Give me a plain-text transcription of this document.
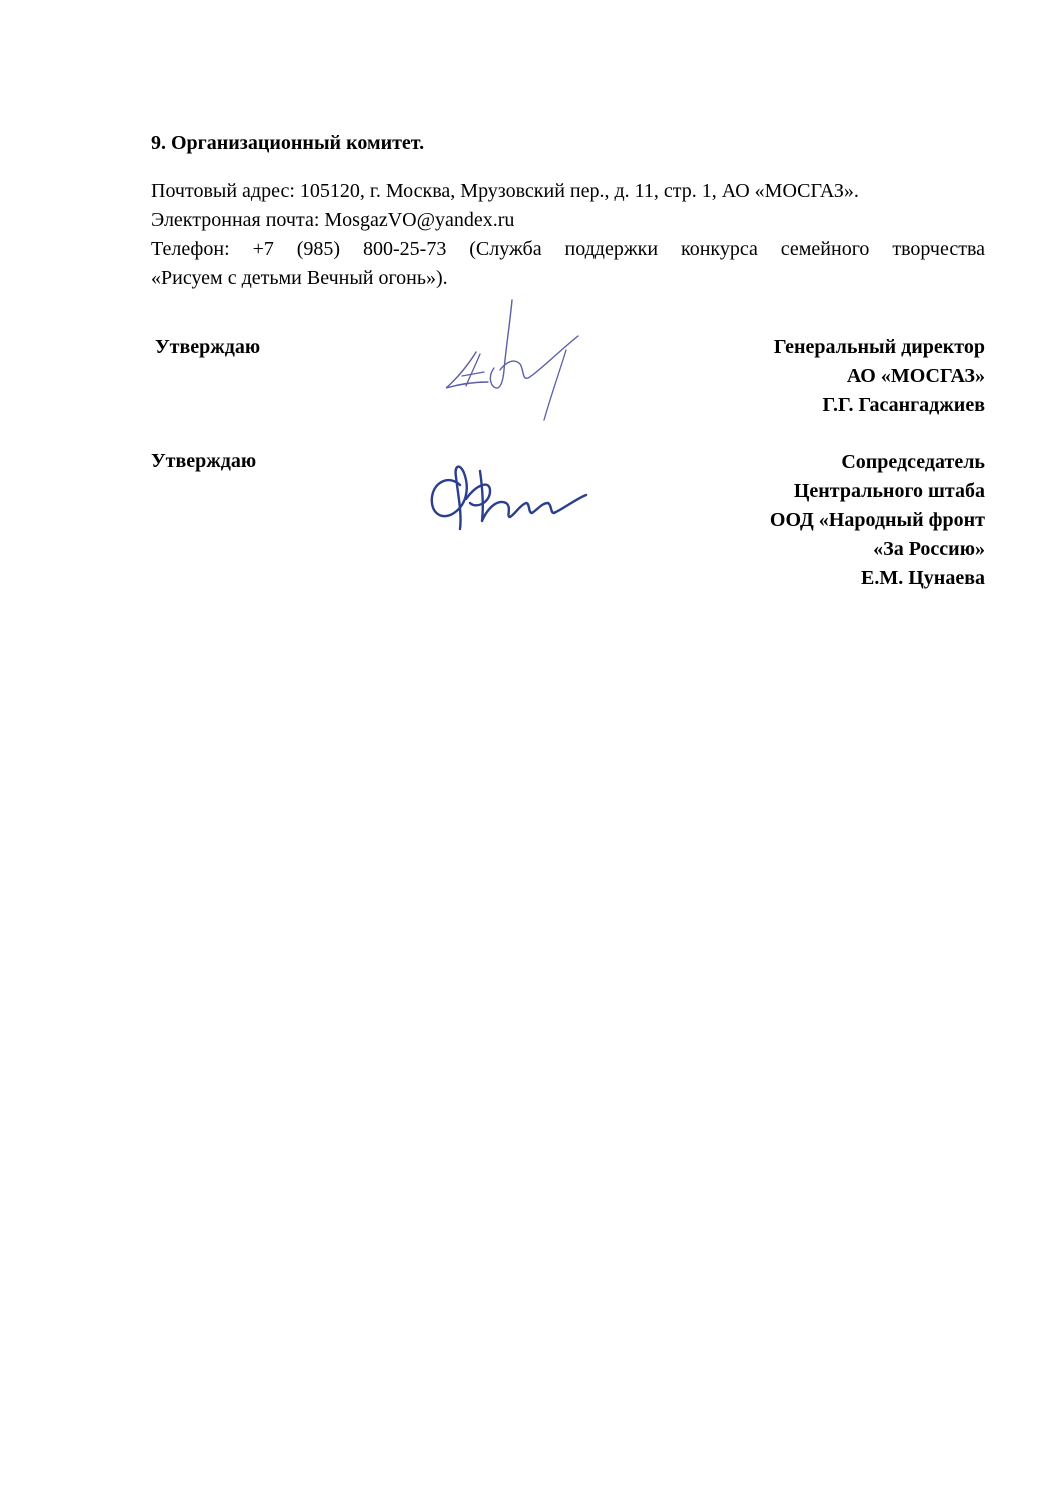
9. Организационный комитет.
Почтовый адрес: 105120, г. Москва, Мрузовский пер., д. 11, стр. 1, АО «МОСГАЗ».
Электронная почта: MosgazVO@yandex.ru
Телефон: +7 (985) 800-25-73 (Служба поддержки конкурса семейного творчества
«Рисуем с детьми Вечный огонь»).
Утверждаю	Генеральный директор
АО «МОСГАЗ»
Г.Г. Гасангаджиев
Утверждаю	Сопредседатель
Центрального штаба
ООД «Народный фронт
«За Россию»
Е.М. Цунаева
